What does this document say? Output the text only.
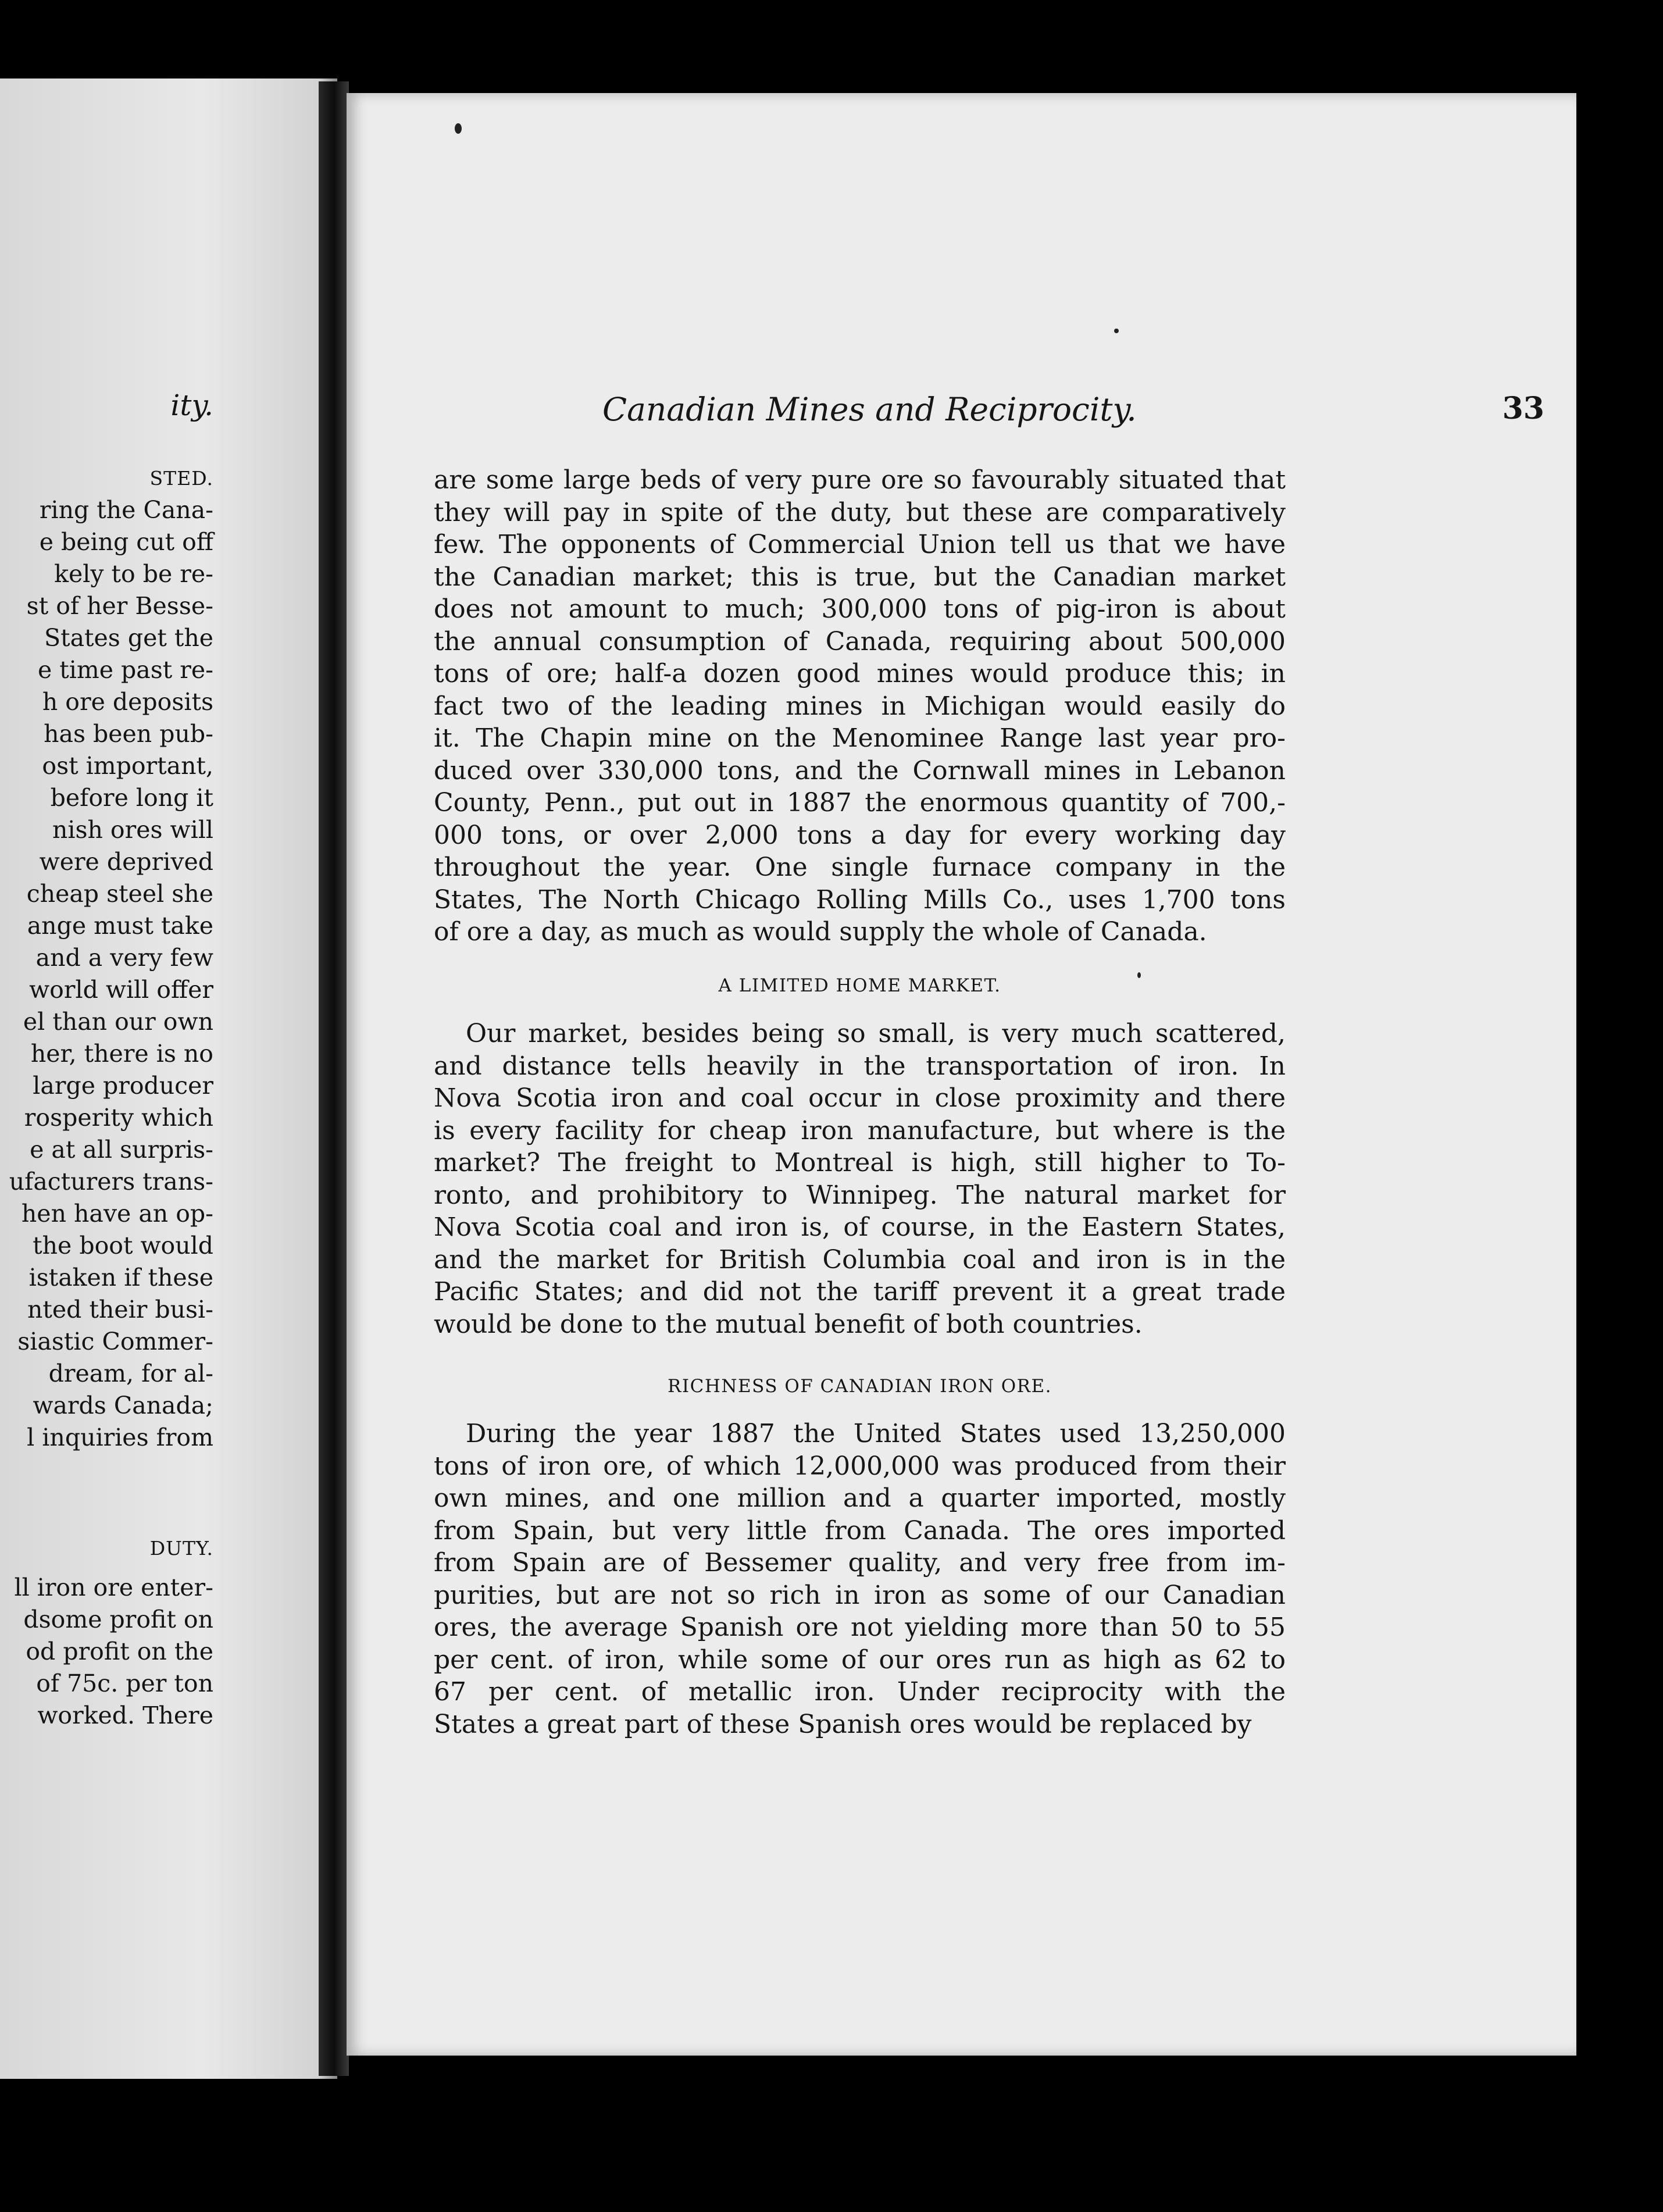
ity.
STED.
ring the Cana-
e being cut off
kely to be re-
st of her Besse-
States get the
e time past re-
h ore deposits
has been pub-
ost important,
before long it
nish ores will
were deprived
cheap steel she
ange must take
and a very few
world will offer
el than our own
her, there is no
large producer
rosperity which
e at all surpris-
ufacturers trans-
hen have an op-
the boot would
istaken if these
nted their busi-
siastic Commer-
dream, for al-
wards Canada;
l inquiries from
DUTY.
ll iron ore enter-
dsome profit on
od profit on the
of 75c. per ton
worked. There
Canadian Mines and Reciprocity.	33

are some large beds of very pure ore so favourably situated that

they will pay in spite of the duty, but these are comparatively

few. The opponents of Commercial Union tell us that we have

the Canadian market; this is true, but the Canadian market

does not amount to much; 300,000 tons of pig-iron is about

the annual consumption of Canada, requiring about 500,000

tons of ore; half-a dozen good mines would produce this; in

fact two of the leading mines in Michigan would easily do

it. The Chapin mine on the Menominee Range last year pro-

duced over 330,000 tons, and the Cornwall mines in Lebanon

County, Penn., put out in 1887 the enormous quantity of 700,-

000 tons, or over 2,000 tons a day for every working day

throughout the year. One single furnace company in the

States, The North Chicago Rolling Mills Co., uses 1,700 tons

of ore a day, as much as would supply the whole of Canada.

A LIMITED HOME MARKET.

Our market, besides being so small, is very much scattered,

and distance tells heavily in the transportation of iron. In

Nova Scotia iron and coal occur in close proximity and there

is every facility for cheap iron manufacture, but where is the

market? The freight to Montreal is high, still higher to To-

ronto, and prohibitory to Winnipeg. The natural market for

Nova Scotia coal and iron is, of course, in the Eastern States,

and the market for British Columbia coal and iron is in the

Pacific States; and did not the tariff prevent it a great trade

would be done to the mutual benefit of both countries.

RICHNESS OF CANADIAN IRON ORE.

During the year 1887 the United States used 13,250,000

tons of iron ore, of which 12,000,000 was produced from their

own mines, and one million and a quarter imported, mostly

from Spain, but very little from Canada. The ores imported

from Spain are of Bessemer quality, and very free from im-

purities, but are not so rich in iron as some of our Canadian

ores, the average Spanish ore not yielding more than 50 to 55

per cent. of iron, while some of our ores run as high as 62 to

67 per cent. of metallic iron. Under reciprocity with the

States a great part of these Spanish ores would be replaced by
